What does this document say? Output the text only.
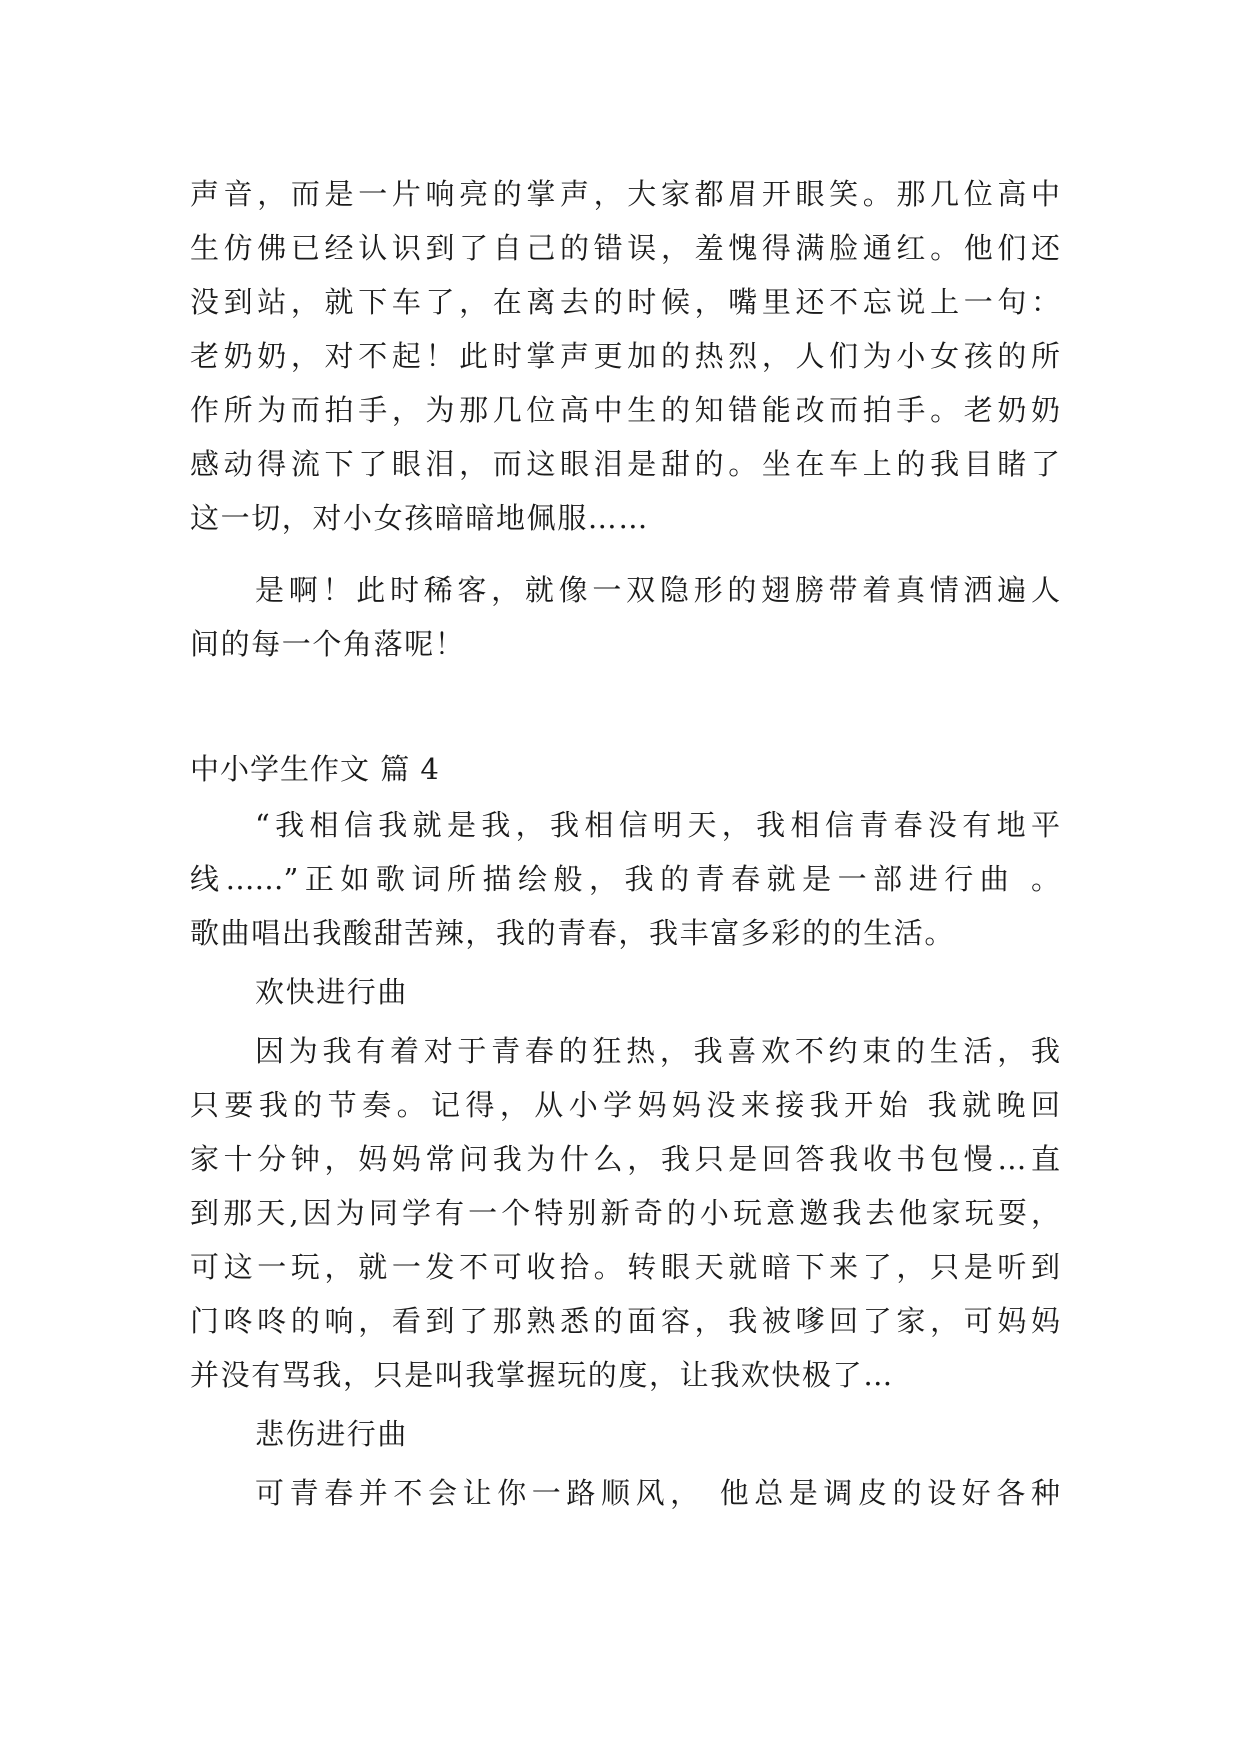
声音，而是一片响亮的掌声，大家都眉开眼笑。那几位高中
生仿佛已经认识到了自己的错误，羞愧得满脸通红。他们还
没到站，就下车了，在离去的时候，嘴里还不忘说上一句：
老奶奶，对不起！此时掌声更加的热烈，人们为小女孩的所
作所为而拍手，为那几位高中生的知错能改而拍手。老奶奶
感动得流下了眼泪，而这眼泪是甜的。坐在车上的我目睹了
这一切，对小女孩暗暗地佩服……
是啊！此时稀客，就像一双隐形的翅膀带着真情洒遍人
间的每一个角落呢！
中小学生作文 篇 4
“我相信我就是我，我相信明天，我相信青春没有地平
线……”正如歌词所描绘般，我的青春就是一部进行曲 。
歌曲唱出我酸甜苦辣，我的青春，我丰富多彩的的生活。
欢快进行曲
因为我有着对于青春的狂热，我喜欢不约束的生活，我
只要我的节奏。记得，从小学妈妈没来接我开始 我就晚回
家十分钟，妈妈常问我为什么，我只是回答我收书包慢…直
到那天,因为同学有一个特别新奇的小玩意邀我去他家玩耍，
可这一玩，就一发不可收拾。转眼天就暗下来了，只是听到
门咚咚的响，看到了那熟悉的面容，我被嗲回了家，可妈妈
并没有骂我，只是叫我掌握玩的度，让我欢快极了…
悲伤进行曲
可青春并不会让你一路顺风， 他总是调皮的设好各种
